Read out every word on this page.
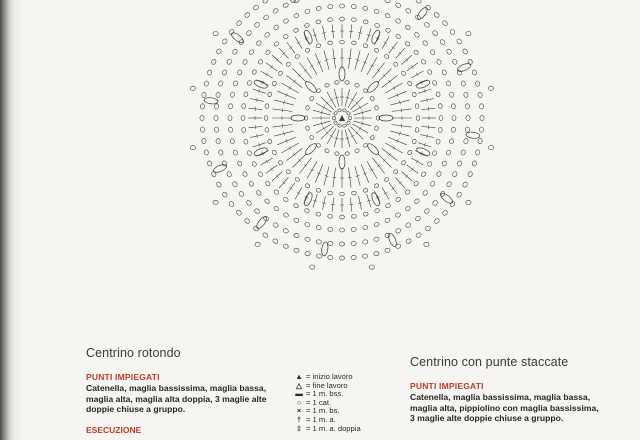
Centrino rotondo
PUNTI IMPIEGATI

Catenella, maglia bassissima, maglia bassa, maglia alta, maglia alta doppia, 3 maglie alte doppie chiuse a gruppo.

ESECUZIONE
▲ = inizio lavoro
△ = fine lavoro
▬ = 1 m. bss.
○ = 1 cat.
× = 1 m. bs.
† = 1 m. a.
‡ = 1 m. a. doppia
Centrino con punte staccate
PUNTI IMPIEGATI

Catenella, maglia bassissima, maglia bassa, maglia alta, pippiolino con maglia bassissima, 3 maglie alte doppie chiuse a gruppo.
